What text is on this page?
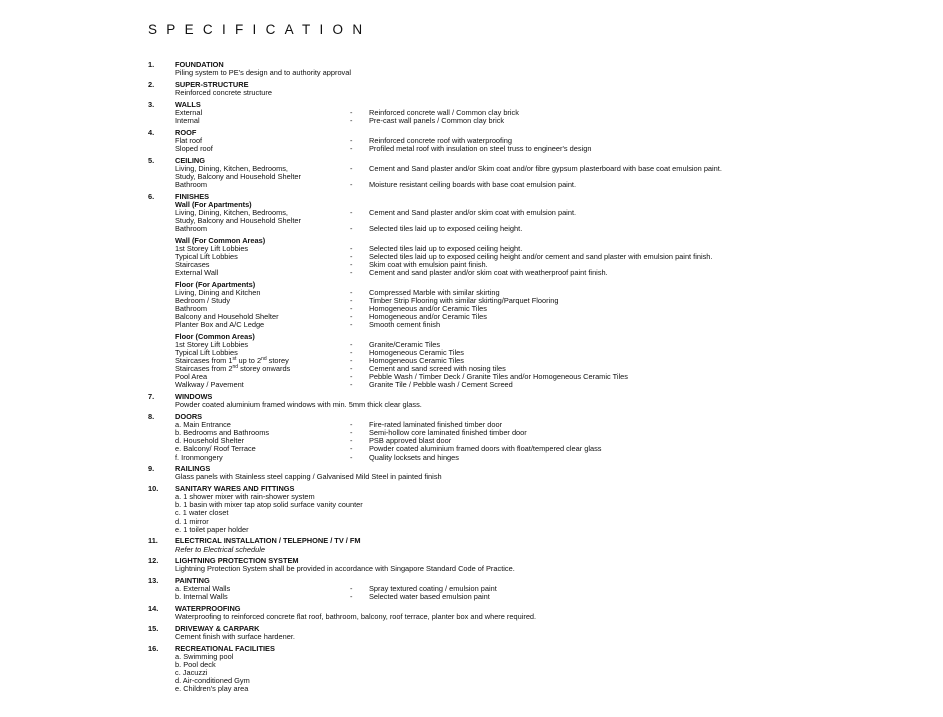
SPECIFICATION
1.	FOUNDATION
Piling system to PE's design and to authority approval
2.	SUPER-STRUCTURE
Reinforced concrete structure
3.	WALLS
External	- Reinforced concrete wall / Common clay brick
Internal	- Pre-cast wall panels / Common clay brick
4.	ROOF
Flat roof	- Reinforced concrete roof with waterproofing
Sloped roof	- Profiled metal roof with insulation on steel truss to engineer's design
5.	CEILING
Living, Dining, Kitchen, Bedrooms,
Study, Balcony and Household Shelter
- Cement and Sand plaster and/or Skim coat and/or fibre gypsum plasterboard with base coat emulsion paint.
Bathroom	- Moisture resistant ceiling boards with base coat emulsion paint.
6.	FINISHES
Wall (For Apartments)
Living, Dining, Kitchen, Bedrooms,
Study, Balcony and Household Shelter
- Cement and Sand plaster and/or skim coat with emulsion paint.
Bathroom	- Selected tiles laid up to exposed ceiling height.
Wall (For Common Areas)
1st Storey Lift Lobbies	- Selected tiles laid up to exposed ceiling height.
Typical Lift Lobbies	- Selected tiles laid up to exposed ceiling height and/or cement and sand plaster with emulsion paint finish.
Staircases	- Skim coat with emulsion paint finish.
External Wall	- Cement and sand plaster and/or skim coat with weatherproof paint finish.
Floor (For Apartments)
Living, Dining and Kitchen	- Compressed Marble with similar skirting
Bedroom / Study	- Timber Strip Flooring with similar skirting/Parquet Flooring
Bathroom	- Homogeneous and/or Ceramic Tiles
Balcony and Household Shelter	- Homogeneous and/or Ceramic Tiles
Planter Box and A/C Ledge	- Smooth cement finish
Floor (Common Areas)
1st Storey Lift Lobbies	- Granite/Ceramic Tiles
Typical Lift Lobbies	- Homogeneous Ceramic Tiles
Staircases from 1st up to 2nd storey	- Homogeneous Ceramic Tiles
Staircases from 2nd storey onwards	- Cement and sand screed with nosing tiles
Pool Area	- Pebble Wash / Timber Deck / Granite Tiles and/or Homogeneous Ceramic Tiles
Walkway / Pavement	- Granite Tile / Pebble wash / Cement Screed
7.	WINDOWS
Powder coated aluminium framed windows with min. 5mm thick clear glass.
8.	DOORS
a. Main Entrance	- Fire-rated laminated finished timber door
b. Bedrooms and Bathrooms	- Semi-hollow core laminated finished timber door
d. Household Shelter	- PSB approved blast door
e. Balcony/ Roof Terrace	- Powder coated aluminium framed doors with float/tempered clear glass
f. Ironmongery	- Quality locksets and hinges
9.	RAILINGS
Glass panels with Stainless steel capping / Galvanised Mild Steel in painted finish
10. SANITARY WARES AND FITTINGS
a. 1 shower mixer with rain-shower system
b. 1 basin with mixer tap atop solid surface vanity counter
c. 1 water closet
d. 1 mirror
e. 1 toilet paper holder
11. ELECTRICAL INSTALLATION / TELEPHONE / TV / FM
Refer to Electrical schedule
12. LIGHTNING PROTECTION SYSTEM
Lightning Protection System shall be provided in accordance with Singapore Standard Code of Practice.
13. PAINTING
a. External Walls	- Spray textured coating / emulsion paint
b. Internal Walls	- Selected water based emulsion paint
14. WATERPROOFING
Waterproofing to reinforced concrete flat roof, bathroom, balcony, roof terrace, planter box and where required.
15. DRIVEWAY & CARPARK
Cement finish with surface hardener.
16. RECREATIONAL FACILITIES
a. Swimming pool
b. Pool deck
c. Jacuzzi
d. Air-conditioned Gym
e. Children's play area
